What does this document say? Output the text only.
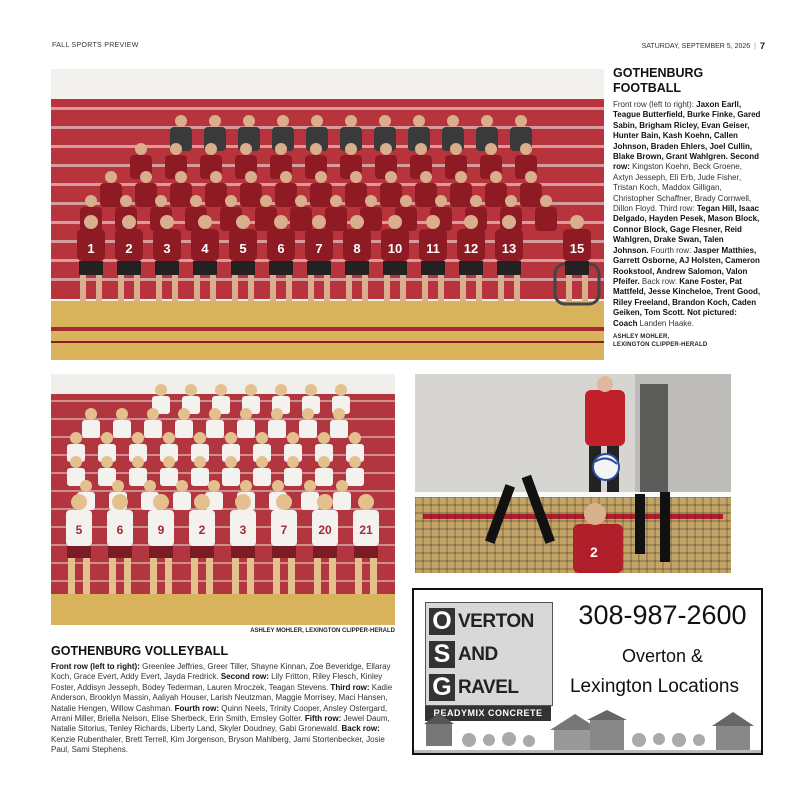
FALL SPORTS PREVIEW	SATURDAY, SEPTEMBER 5, 2026 | 7
1 2 3 4 5 6 7 8 10 11 12 13	15
GOTHENBURG
FOOTBALL
Front row (left to right): Jaxon Earll, Teague Butterfield, Burke Finke, Gared Sabin, Brigham Ricley, Evan Geiser, Hunter Bain, Kash Koehn, Callen Johnson, Braden Ehlers, Joel Cullin, Blake Brown, Grant Wahlgren. Second row: Kingston Koehn, Beck Groene, Axtyn Jesseph, Eli Erb, Jude Fisher, Tristan Koch, Maddox Gilligan, Christopher Schaffner, Brady Cornwell, Dillon Floyd. Third row: Tegan Hill, Isaac Delgado, Hayden Pesek, Mason Block, Connor Block, Gage Flesner, Reid Wahlgren, Drake Swan, Talen Johnson. Fourth row: Jasper Matthies, Garrett Osborne, AJ Holsten, Cameron Rookstool, Andrew Salomon, Valon Pfeifer. Back row: Kane Foster, Pat Mattfeld, Jesse Kincheloe, Trent Good, Riley Freeland, Brandon Koch, Caden Geiken, Tom Scott. Not pictured: Coach Landen Haake.
ASHLEY MOHLER,
LEXINGTON CLIPPER-HERALD
5	6	9	2	3	7	20 21
ASHLEY MOHLER, LEXINGTON CLIPPER-HERALD
GOTHENBURG VOLLEYBALL
Front row (left to right): Greenlee Jeffries, Greer Tiller, Shayne Kinnan, Zoe Beveridge, Ellaray Koch, Grace Evert, Addy Evert, Jayda Fredrick. Second row: Lily Fritton, Riley Flesch, Kinley Foster, Addisyn Jesseph, Bodey Tederman, Lauren Mroczek, Teagan Stevens. Third row: Kadie Anderson, Brooklyn Massin, Aaliyah Houser, Larish Neutzman, Maggie Morrisey, Maci Hansen, Natalie Hengen, Willow Cashman. Fourth row: Quinn Neels, Trinity Cooper, Ansley Ostergard, Arrani Miller, Briella Nelson, Elise Sherbeck, Erin Smith, Emsley Golter. Fifth row: Jewel Daum, Natalie Sitorius, Tenley Richards, Liberty Land, Skyler Doudney, Gabi Gronewald. Back row: Kenzie Rubenthaler, Brett Terrell, Kim Jorgenson, Bryson Mahlberg, Jami Stortenbecker, Josie Paul, Sami Stephens.
2
O VERTON
S AND
G RAVEL
READYMIX CONCRETE
308-987-2600
Overton &
Lexington Locations
